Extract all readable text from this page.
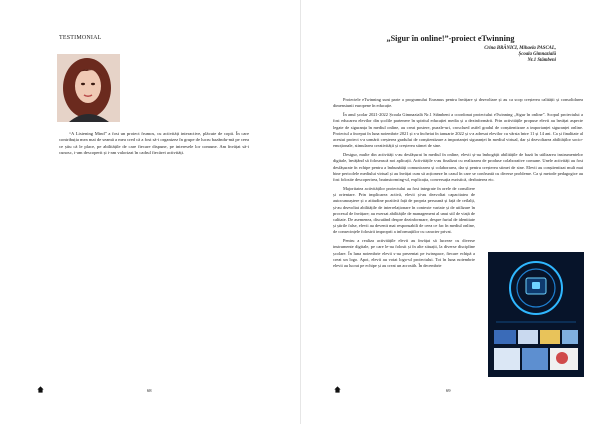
TESTIMONIAL

“A Listening Mind” a fost un proiect frumos, cu activități interactive, plăcute de copii. În care contribuția mea mai de seamă a mea cred că a fost să-i organizez în grupe de lucru bazându-mă pe ceea ce știu că le place, pe abilitățile de care fiecare dispune, pe interesele lor comune. Am învățat să-i cunosc, i-am descoperit și i-am valorizat în cadrul fiecărei activități.

68
„Sigur în online!”-proiect eTwinning
Crina BRĂNICI, Mihaela PASCAL,
Școala Gimnazială
Nr.1 Stâmbeni

Proiectele eTwinning sunt parte a programului Erasmus pentru învățare și dezvoltare și au ca scop creșterea calității și consolidarea dimensiunii europene în educație.

În anul școlar 2021-2022 Școala Gimnazială Nr.1 Stâmbeni a coordonat proiectului eTwinning „Sigur în online”. Scopul proiectului a fost educarea elevilor din școlile partenere în spiritul educației media și a dezinformării. Prin activitățile propuse elevii au învățat aspecte legate de siguranța în mediul online, au creat postere, puzzle-uri, crosclued astfel gradul de conștientizare a importanței siguranței online. Proiectul a început în luna noiembrie 2021 și s-a încheiat în ianuarie 2022 și s-a adresat elevilor cu vârsta între 11 și 14 ani. Ca și finalitate al acestui proiect s-a urmărit creșterea gradului de conștientizare a importanței siguranței în mediul virtual, dar și dezvoltarea abilităților socio-emoționale, stimularea creativității și creșterea stimei de sine.

Desigur, multe din activități s-au desfășurat în mediul în online, elevii și-au îmbogățit abilitățile de bază în utilizarea instrumentelor digitale, învățând să folosească noi aplicații. Activitățile s-au finalizat cu realizarea de produse colaborative comune. Unele activități au fost desfășurate în echipe pentru a îmbunătăți comunicarea și colaborarea, dar și pentru creșterea stimei de sine. Elevii au conștientizat mult mai bine pericolele mediului virtual și au învățat cum să acționeze în cazul în care se confruntă cu diverse probleme. Ca și metode pedagogice au fost folosite descoperirea, brainstorming-ul, explicația, conversația euristică, dezbaterea etc.

Majoritatea activităților proiectului au fost integrate în orele de consiliere și orientare. Prin implicarea activă, elevii și-au dezvoltat capacitatea de autocunoaștere și o atitudine pozitivă față de propria persoană și față de ceilalți, și-au dezvoltat abilitățile de interrelaționare în contexte variate și de utilizare în procesul de învățare; au exersat abilitățile de management al unui stil de viață de calitate. De asemenea, discutând despre dezinformare, despre furtul de identitate și știrile false, elevii au devenit mai responsabili de ceea ce fac în mediul online, de consecințele folosirii improprii a informațiilor cu caracter privat.

Pentru a realiza activitățile elevii au învățat să lucreze cu diverse instrumente digitale, pe care le-au folosit și în alte situații, la diverse discipline școlare. În luna noiembrie elevii s-au prezentat pe twinspace, fiecare echipă a creat un logo. Apoi, elevii au votat logo-ul proiectului. Tot în luna noiembrie elevii au lucrat pe echipe și au creat un acrostih. În decembrie

69
